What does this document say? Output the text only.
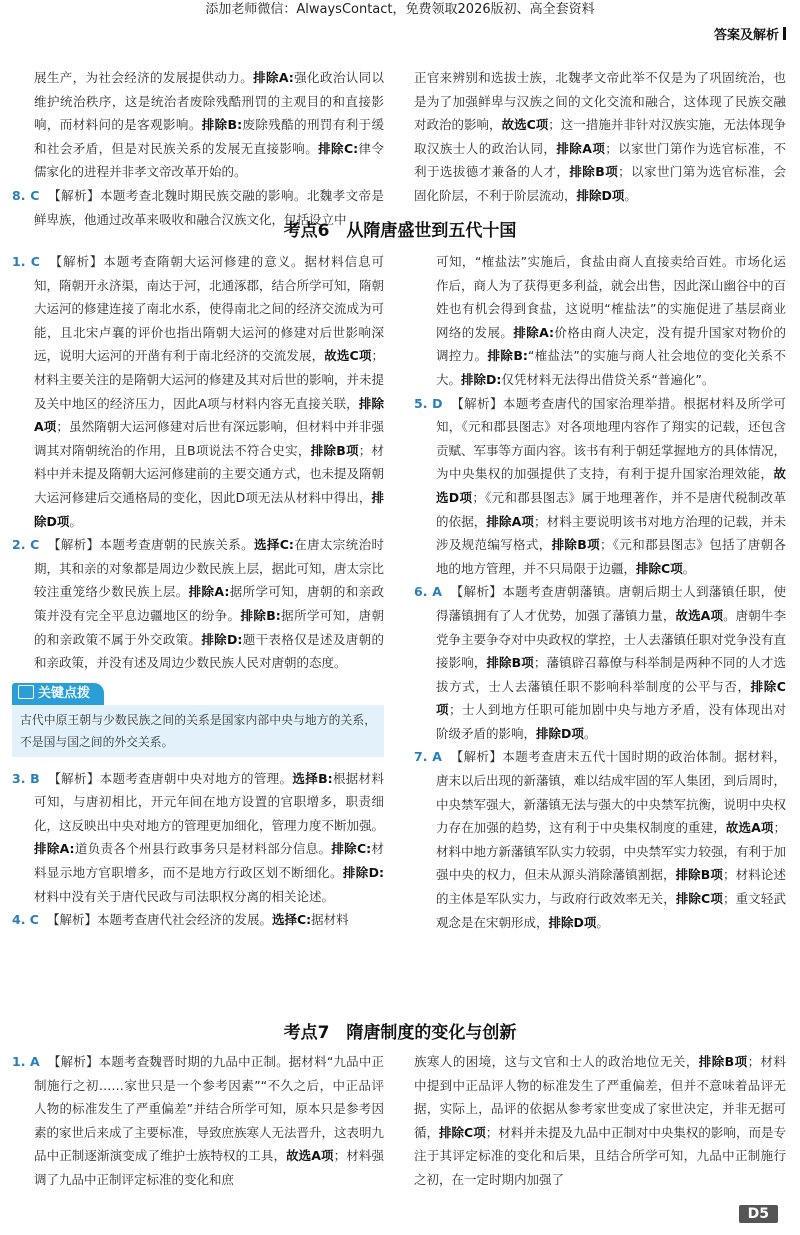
添加老师微信：AlwaysContact，免费领取2026版初、高全套资料
答案及解析

展生产，为社会经济的发展提供动力。排除A:强化政治认同以维护统治秩序，这是统治者废除残酷刑罚的主观目的和直接影响，而材料问的是客观影响。排除B:废除残酷的刑罚有利于缓和社会矛盾，但是对民族关系的发展无直接影响。排除C:律令儒家化的进程并非孝文帝改革开始的。

8. C 【解析】本题考查北魏时期民族交融的影响。北魏孝文帝是鲜卑族，他通过改革来吸收和融合汉族文化，包括设立中

正官来辨别和选拔士族，北魏孝文帝此举不仅是为了巩固统治，也是为了加强鲜卑与汉族之间的文化交流和融合，这体现了民族交融对政治的影响，故选C项；这一措施并非针对汉族实施，无法体现争取汉族士人的政治认同，排除A项；以家世门第作为选官标准，不利于选拔德才兼备的人才，排除B项；以家世门第为选官标准，会固化阶层，不利于阶层流动，排除D项。

考点6　从隋唐盛世到五代十国

1. C 【解析】本题考查隋朝大运河修建的意义。据材料信息可知，隋朝开永济渠，南达于河，北通涿郡，结合所学可知，隋朝大运河的修建连接了南北水系，使得南北之间的经济交流成为可能，且北宋卢襄的评价也指出隋朝大运河的修建对后世影响深远，说明大运河的开凿有利于南北经济的交流发展，故选C项；材料主要关注的是隋朝大运河的修建及其对后世的影响，并未提及关中地区的经济压力，因此A项与材料内容无直接关联，排除A项；虽然隋朝大运河修建对后世有深远影响，但材料中并非强调其对隋朝统治的作用，且B项说法不符合史实，排除B项；材料中并未提及隋朝大运河修建前的主要交通方式，也未提及隋朝大运河修建后交通格局的变化，因此D项无法从材料中得出，排除D项。

2. C 【解析】本题考查唐朝的民族关系。选择C:在唐太宗统治时期，其和亲的对象都是周边少数民族上层，据此可知，唐太宗比较注重笼络少数民族上层。排除A:据所学可知，唐朝的和亲政策并没有完全平息边疆地区的纷争。排除B:据所学可知，唐朝的和亲政策不属于外交政策。排除D:题干表格仅是述及唐朝的和亲政策，并没有述及周边少数民族人民对唐朝的态度。

关键点拨
古代中原王朝与少数民族之间的关系是国家内部中央与地方的关系，不是国与国之间的外交关系。

3. B 【解析】本题考查唐朝中央对地方的管理。选择B:根据材料可知，与唐初相比，开元年间在地方设置的官职增多，职责细化，这反映出中央对地方的管理更加细化，管理力度不断加强。排除A:道负责各个州县行政事务只是材料部分信息。排除C:材料显示地方官职增多，而不是地方行政区划不断细化。排除D:材料中没有关于唐代民政与司法职权分离的相关论述。

4. C 【解析】本题考查唐代社会经济的发展。选择C:据材料

可知，“榷盐法”实施后，食盐由商人直接卖给百姓。市场化运作后，商人为了获得更多利益，就会出售，因此深山幽谷中的百姓也有机会得到食盐，这说明“榷盐法”的实施促进了基层商业网络的发展。排除A:价格由商人决定，没有提升国家对物价的调控力。排除B:“榷盐法”的实施与商人社会地位的变化关系不大。排除D:仅凭材料无法得出借贷关系“普遍化”。

5. D 【解析】本题考查唐代的国家治理举措。根据材料及所学可知，《元和郡县图志》对各项地理内容作了翔实的记载，还包含贡赋、军事等方面内容。该书有利于朝廷掌握地方的具体情况，为中央集权的加强提供了支持，有利于提升国家治理效能，故选D项；《元和郡县图志》属于地理著作，并不是唐代税制改革的依据，排除A项；材料主要说明该书对地方治理的记载，并未涉及规范编写格式，排除B项；《元和郡县图志》包括了唐朝各地的地方管理，并不只局限于边疆，排除C项。

6. A 【解析】本题考查唐朝藩镇。唐朝后期士人到藩镇任职，使得藩镇拥有了人才优势，加强了藩镇力量，故选A项。唐朝牛李党争主要争夺对中央政权的掌控，士人去藩镇任职对党争没有直接影响，排除B项；藩镇辟召幕僚与科举制是两种不同的人才选拔方式，士人去藩镇任职不影响科举制度的公平与否，排除C项；士人到地方任职可能加剧中央与地方矛盾，没有体现出对阶级矛盾的影响，排除D项。

7. A 【解析】本题考查唐末五代十国时期的政治体制。据材料，唐末以后出现的新藩镇，难以结成牢固的军人集团，到后周时，中央禁军强大，新藩镇无法与强大的中央禁军抗衡，说明中央权力存在加强的趋势，这有利于中央集权制度的重建，故选A项；材料中地方新藩镇军队实力较弱，中央禁军实力较强，有利于加强中央的权力，但未从源头消除藩镇割据，排除B项；材料论述的主体是军队实力，与政府行政效率无关，排除C项；重文轻武观念是在宋朝形成，排除D项。

考点7　隋唐制度的变化与创新

1. A 【解析】本题考查魏晋时期的九品中正制。据材料“九品中正制施行之初……家世只是一个参考因素”“不久之后，中正品评人物的标准发生了严重偏差”并结合所学可知，原本只是参考因素的家世后来成了主要标准，导致庶族寒人无法晋升，这表明九品中正制逐渐演变成了维护士族特权的工具，故选A项；材料强调了九品中正制评定标准的变化和庶

族寒人的困境，这与文官和士人的政治地位无关，排除B项；材料中提到中正品评人物的标准发生了严重偏差，但并不意味着品评无据，实际上，品评的依据从参考家世变成了家世决定，并非无据可循，排除C项；材料并未提及九品中正制对中央集权的影响，而是专注于其评定标准的变化和后果，且结合所学可知，九品中正制施行之初，在一定时期内加强了

D5
